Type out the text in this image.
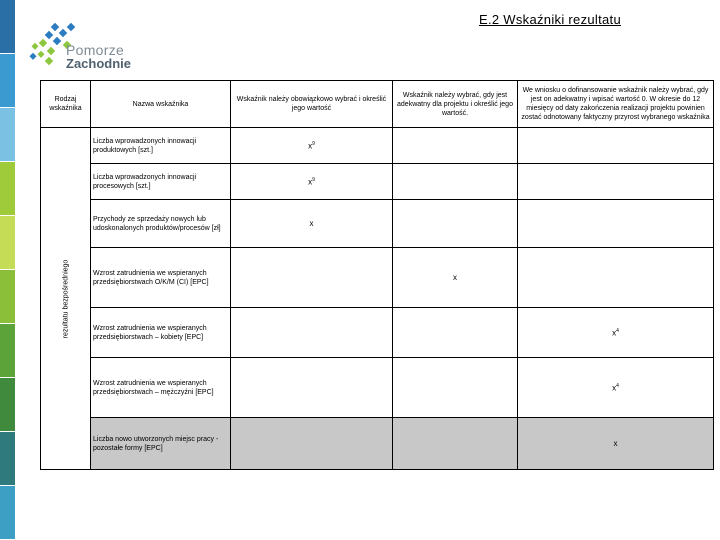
Pomorze
Zachodnie
E.2 Wskaźniki rezultatu
Rodzaj wskaźnika	Nazwa wskaźnika	Wskaźnik należy obowiązkowo wybrać i określić jego wartość	Wskaźnik należy wybrać, gdy jest adekwatny dla projektu i określić jego wartość.	We wniosku o dofinansowanie wskaźnik należy wybrać, gdy jest on adekwatny i wpisać wartość 0. W okresie do 12 miesięcy od daty zakończenia realizacji projektu powinien zostać odnotowany faktyczny przyrost wybranego wskaźnika

rezultatu bezpośredniego	Liczba wprowadzonych innowacji produktowych [szt.]	$x^9$		
	Liczba wprowadzonych innowacji procesowych [szt.]	$x^9$		
	Przychody ze sprzedaży nowych lub udoskonalonych produktów/procesów [zł]	x		
	Wzrost zatrudnienia we wspieranych przedsiębiorstwach O/K/M (CI) [EPC]		x	
	Wzrost zatrudnienia we wspieranych przedsiębiorstwach – kobiety [EPC]			$x^4$
	Wzrost zatrudnienia we wspieranych przedsiębiorstwach – mężczyźni [EPC]			$x^4$
	Liczba nowo utworzonych miejsc pracy - pozostałe formy [EPC]			x
